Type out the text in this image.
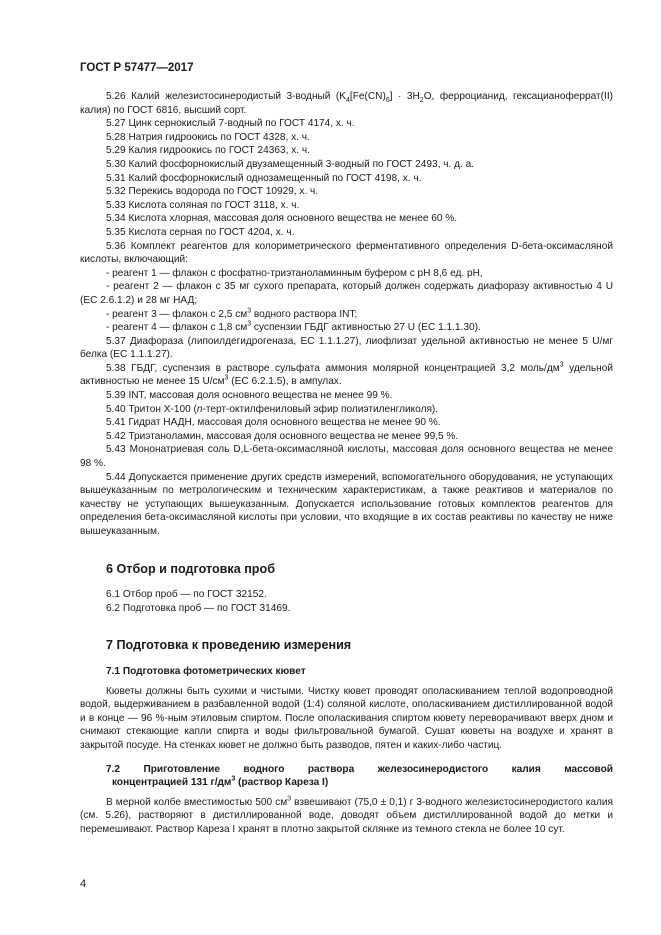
ГОСТ Р 57477—2017

5.26 Калий железистосинеродистый 3-водный ($K_4[Fe(CN)_6] \cdot 3H_2O$, ферроцианид, гексацианоферрат(II) калия) по ГОСТ 6816, высший сорт.

5.27 Цинк сернокислый 7-водный по ГОСТ 4174, х. ч.

5.28 Натрия гидроокись по ГОСТ 4328, х. ч.

5.29 Калия гидроокись по ГОСТ 24363, х. ч.

5.30 Калий фосфорнокислый двузамещенный 3-водный по ГОСТ 2493, ч. д. а.

5.31 Калий фосфорнокислый однозамещенный по ГОСТ 4198, х. ч.

5.32 Перекись водорода по ГОСТ 10929, х. ч.

5.33 Кислота соляная по ГОСТ 3118, х. ч.

5.34 Кислота хлорная, массовая доля основного вещества не менее 60 %.

5.35 Кислота серная по ГОСТ 4204, х. ч.

5.36 Комплект реагентов для колориметрического ферментативного определения D-бета-оксимасляной кислоты, включающий:

- реагент 1 — флакон с фосфатно-триэтаноламинным буфером с pH 8,6 ед. pH,

- реагент 2 — флакон с 35 мг сухого препарата, который должен содержать диафоразу активностью 4 U (EC 2.6.1.2) и 28 мг НАД;

- реагент 3 — флакон с 2,5 $см^3$ водного раствора INT;

- реагент 4 — флакон с 1,8 $см^3$ суспензии ГБДГ активностью 27 U (EC 1.1.1.30).

5.37 Диафораза (липоилдегидрогеназа, EC 1.1.1.27), лиофлизат удельной активностью не менее 5 U/мг белка (EC 1.1.1.27).

5.38 ГБДГ, суспензия в растворе сульфата аммония молярной концентрацией 3,2 моль/$дм^3$ удельной активностью не менее 15 $U/см^3$ (EC 6.2.1.5), в ампулах.

5.39 INT, массовая доля основного вещества не менее 99 %.

5.40 Тритон Х-100 (n-терт-октилфениловый эфир полиэтиленгликоля).

5.41 Гидрат НАДН, массовая доля основного вещества не менее 90 %.

5.42 Триэтаноламин, массовая доля основного вещества не менее 99,5 %.

5.43 Мононатриевая соль D,L-бета-оксимасляной кислоты, массовая доля основного вещества не менее 98 %.

5.44 Допускается применение других средств измерений, вспомогательного оборудования, не уступающих вышеуказанным по метрологическим и техническим характеристикам, а также реактивов и материалов по качеству не уступающих вышеуказанным. Допускается использование готовых комплектов реагентов для определения бета-оксимасляной кислоты при условии, что входящие в их состав реактивы по качеству не ниже вышеуказанным.

6 Отбор и подготовка проб

6.1 Отбор проб — по ГОСТ 32152.

6.2 Подготовка проб — по ГОСТ 31469.

7 Подготовка к проведению измерения
7.1 Подготовка фотометрических кювет

Кюветы должны быть сухими и чистыми. Чистку кювет проводят ополаскиванием теплой водопроводной водой, выдерживанием в разбавленной водой (1:4) соляной кислоте, ополаскиванием дистиллированной водой и в конце — 96 %-ным этиловым спиртом. После ополаскивания спиртом кювету переворачивают вверх дном и снимают стекающие капли спирта и воды фильтровальной бумагой. Сушат кюветы на воздухе и хранят в закрытой посуде. На стенках кювет не должно быть разводов, пятен и каких-либо частиц.

7.2 Приготовление водного раствора железосинеродистого калия массовой
концентрацией 131 $г/дм^3$ (раствор Кареза I)

В мерной колбе вместимостью 500 $см^3$ взвешивают (75,0 ± 0,1) г 3-водного железистосинеродистого калия (см. 5.26), растворяют в дистиллированной воде, доводят объем дистиллированной водой до метки и перемешивают. Раствор Кареза I хранят в плотно закрытой склянке из темного стекла не более 10 сут.

4
